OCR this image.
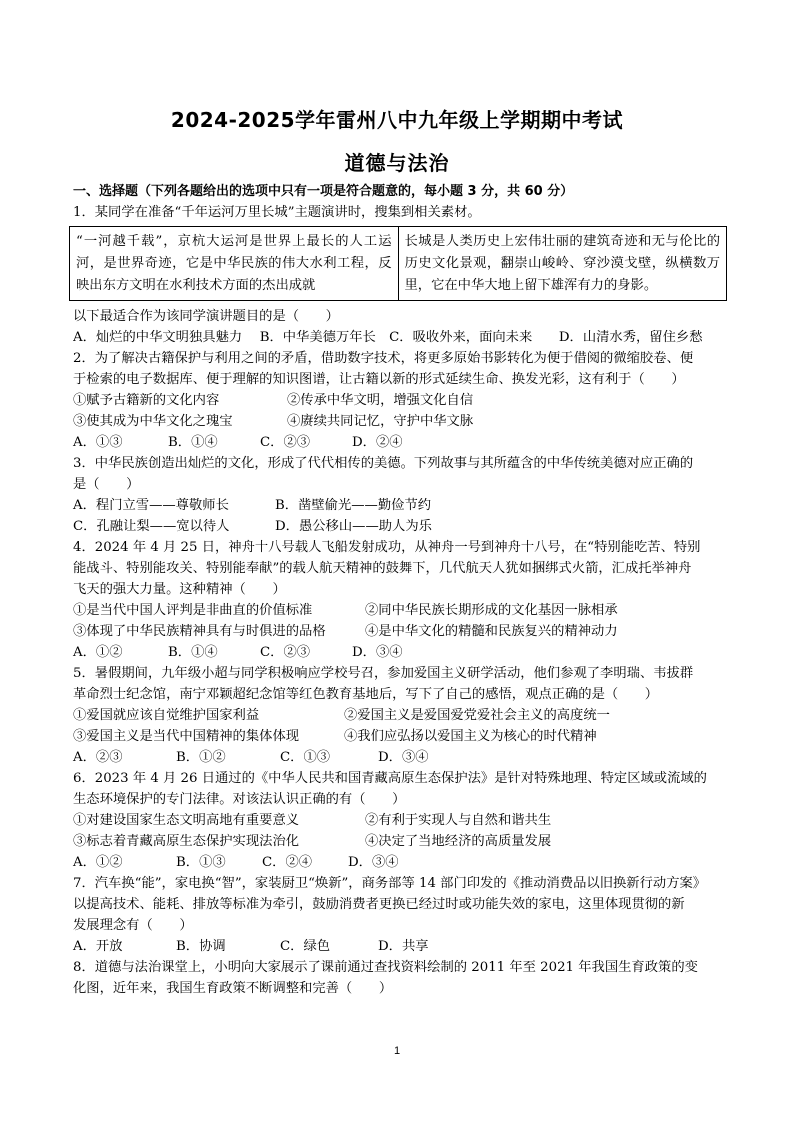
2024-2025学年雷州八中九年级上学期期中考试
道德与法治
一、选择题（下列各题给出的选项中只有一项是符合题意的，每小题 3 分，共 60 分）
1．某同学在准备“千年运河万里长城”主题演讲时，搜集到相关素材。
“一河越千载”，京杭大运河是世界上最长的人工运河，是世界奇迹，它是中华民族的伟大水利工程，反映出东方文明在水利技术方面的杰出成就	长城是人类历史上宏伟壮丽的建筑奇迹和无与伦比的历史文化景观，翻崇山峻岭、穿沙漠戈壁，纵横数万里，它在中华大地上留下雄浑有力的身影。
以下最适合作为该同学演讲题目的是（　　）
A．灿烂的中华文明独具魅力　 B．中华美德万年长　C．吸收外来，面向未来　　D．山清水秀，留住乡愁
2．为了解决古籍保护与利用之间的矛盾，借助数字技术，将更多原始书影转化为便于借阅的微缩胶卷、便
于检索的电子数据库、便于理解的知识图谱，让古籍以新的形式延续生命、换发光彩，这有利于（　　）
①赋予古籍新的文化内容	②传承中华文明，增强文化自信
③使其成为中华文化之瑰宝	④赓续共同记忆，守护中华文脉
A．①③	B．①④	C．②③	D．②④
3．中华民族创造出灿烂的文化，形成了代代相传的美德。下列故事与其所蕴含的中华传统美德对应正确的
是（　　）
A．程门立雪——尊敬师长	B．凿壁偷光——勤俭节约
C．孔融让梨——宽以待人	D．愚公移山——助人为乐
4．2024 年 4 月 25 日，神舟十八号载人飞船发射成功，从神舟一号到神舟十八号，在“特别能吃苦、特别
能战斗、特别能攻关、特别能奉献”的载人航天精神的鼓舞下，几代航天人犹如捆绑式火箭，汇成托举神舟
飞天的强大力量。这种精神（　　）
①是当代中国人评判是非曲直的价值标准	②同中华民族长期形成的文化基因一脉相承
③体现了中华民族精神具有与时俱进的品格	④是中华文化的精髓和民族复兴的精神动力
A．①②	B．①④	C．②③	D．③④
5．暑假期间，九年级小超与同学积极响应学校号召，参加爱国主义研学活动，他们参观了李明瑞、韦拔群
革命烈士纪念馆，南宁邓颖超纪念馆等红色教育基地后，写下了自己的感悟，观点正确的是（　　）
①爱国就应该自觉维护国家利益	②爱国主义是爱国爱党爱社会主义的高度统一
③爱国主义是当代中国精神的集体体现	④我们应弘扬以爱国主义为核心的时代精神
A．②③	B．①②	C．①③	D．③④
6．2023 年 4 月 26 日通过的《中华人民共和国青藏高原生态保护法》是针对特殊地理、特定区域或流域的
生态环境保护的专门法律。对该法认识正确的有（　　）
①对建设国家生态文明高地有重要意义	②有利于实现人与自然和谐共生
③标志着青藏高原生态保护实现法治化	④决定了当地经济的高质量发展
A．①②	B．①③	C．②④	D．③④
7．汽车换“能”，家电换“智”，家装厨卫“焕新”，商务部等 14 部门印发的《推动消费品以旧换新行动方案》
以提高技术、能耗、排放等标准为牵引，鼓励消费者更换已经过时或功能失效的家电，这里体现贯彻的新
发展理念有（　　）
A．开放	B．协调	C．绿色	D．共享
8．道德与法治课堂上，小明向大家展示了课前通过查找资料绘制的 2011 年至 2021 年我国生育政策的变
化图，近年来，我国生育政策不断调整和完善（　　）
1
